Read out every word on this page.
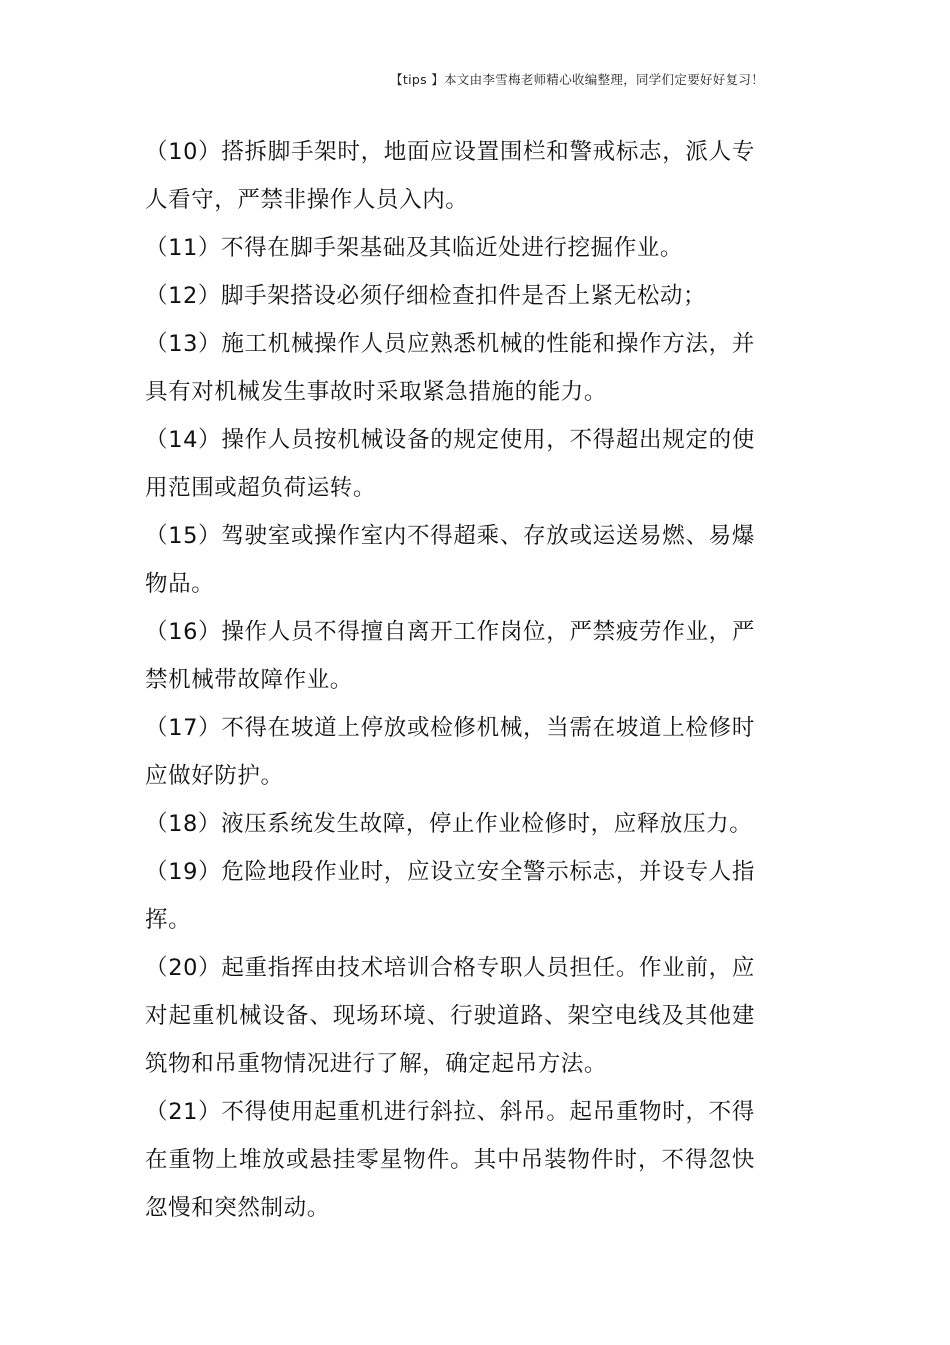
【tips 】本文由李雪梅老师精心收编整理，同学们定要好好复习！

（10）搭拆脚手架时，地面应设置围栏和警戒标志，派人专人看守，严禁非操作人员入内。

（11）不得在脚手架基础及其临近处进行挖掘作业。

（12）脚手架搭设必须仔细检查扣件是否上紧无松动；

（13）施工机械操作人员应熟悉机械的性能和操作方法，并具有对机械发生事故时采取紧急措施的能力。

（14）操作人员按机械设备的规定使用，不得超出规定的使用范围或超负荷运转。

（15）驾驶室或操作室内不得超乘、存放或运送易燃、易爆物品。

（16）操作人员不得擅自离开工作岗位，严禁疲劳作业，严禁机械带故障作业。

（17）不得在坡道上停放或检修机械，当需在坡道上检修时应做好防护。

（18）液压系统发生故障，停止作业检修时，应释放压力。

（19）危险地段作业时，应设立安全警示标志，并设专人指挥。

（20）起重指挥由技术培训合格专职人员担任。作业前，应对起重机械设备、现场环境、行驶道路、架空电线及其他建筑物和吊重物情况进行了解，确定起吊方法。

（21）不得使用起重机进行斜拉、斜吊。起吊重物时，不得在重物上堆放或悬挂零星物件。其中吊装物件时，不得忽快忽慢和突然制动。
